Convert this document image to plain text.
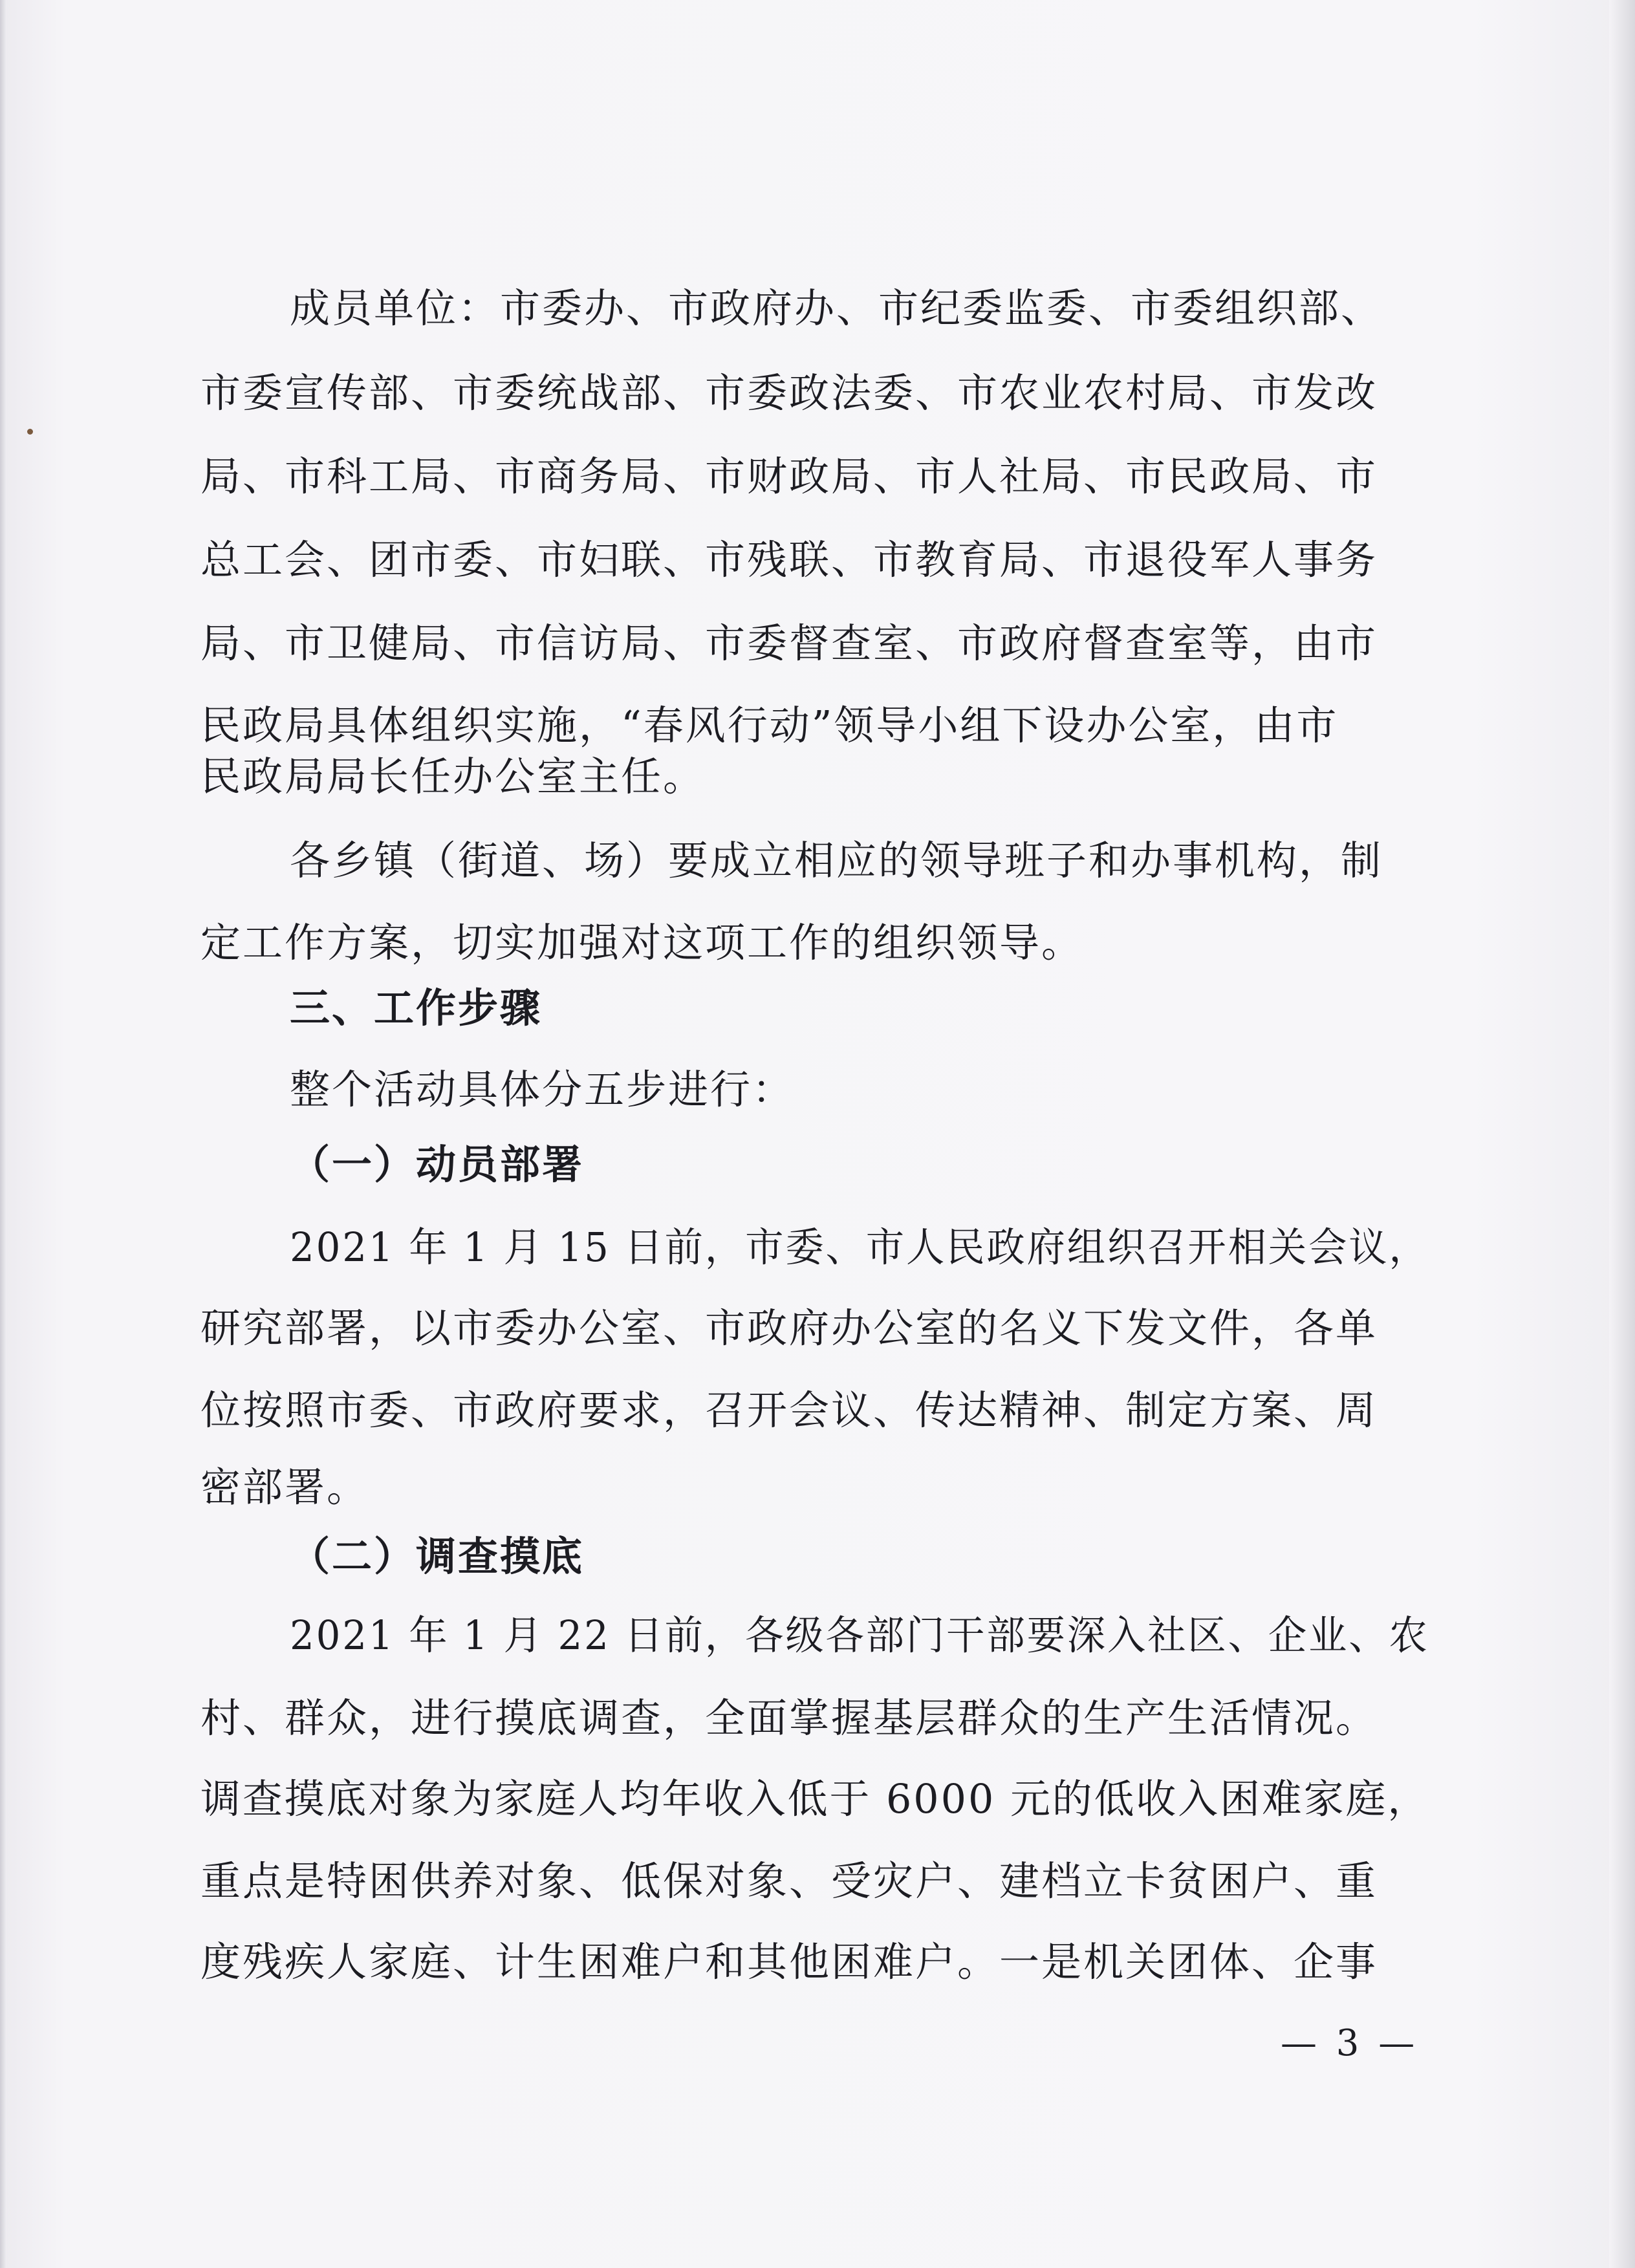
成员单位：市委办、市政府办、市纪委监委、市委组织部、
市委宣传部、市委统战部、市委政法委、市农业农村局、市发改
局、市科工局、市商务局、市财政局、市人社局、市民政局、市
总工会、团市委、市妇联、市残联、市教育局、市退役军人事务
局、市卫健局、市信访局、市委督查室、市政府督查室等，由市
民政局具体组织实施，“春风行动”领导小组下设办公室，由市
民政局局长任办公室主任。
各乡镇（街道、场）要成立相应的领导班子和办事机构，制
定工作方案，切实加强对这项工作的组织领导。
三、工作步骤
整个活动具体分五步进行：
（一）动员部署
2021 年 1 月 15 日前，市委、市人民政府组织召开相关会议，
研究部署，以市委办公室、市政府办公室的名义下发文件，各单
位按照市委、市政府要求，召开会议、传达精神、制定方案、周
密部署。
（二）调查摸底
2021 年 1 月 22 日前，各级各部门干部要深入社区、企业、农
村、群众，进行摸底调查，全面掌握基层群众的生产生活情况。
调查摸底对象为家庭人均年收入低于 6000 元的低收入困难家庭，
重点是特困供养对象、低保对象、受灾户、建档立卡贫困户、重
度残疾人家庭、计生困难户和其他困难户。一是机关团体、企事
— 3 —
